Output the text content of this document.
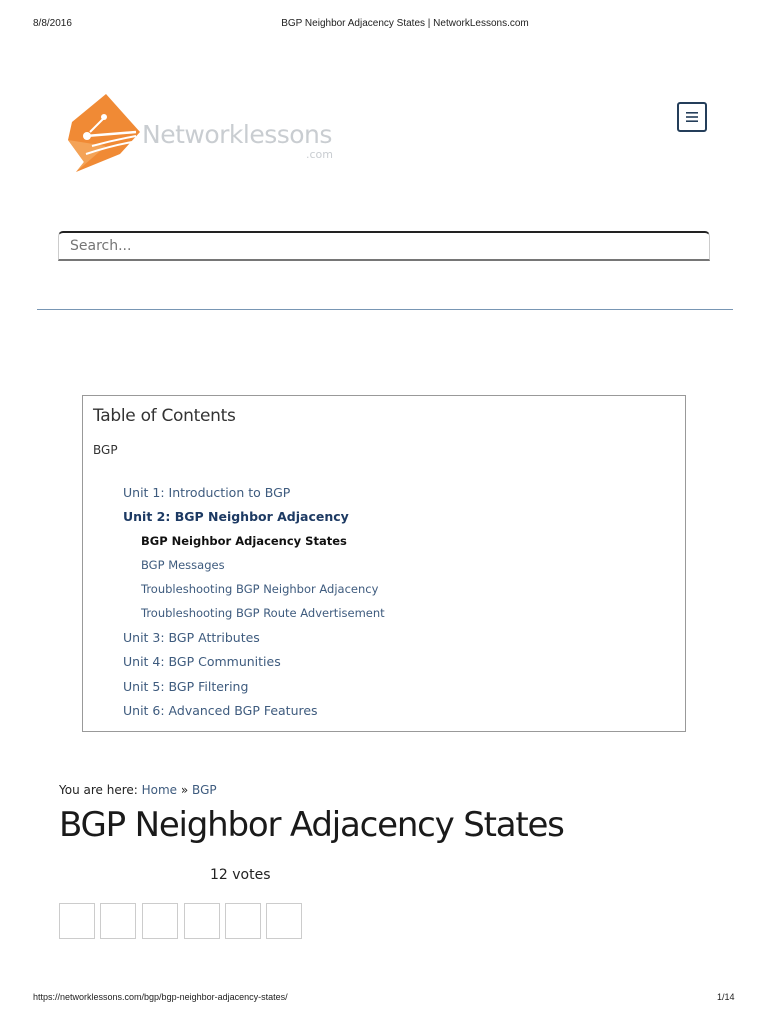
8/8/2016	BGP Neighbor Adjacency States | NetworkLessons.com
Networklessons
.com
Search...
Table of Contents
BGP
Unit 1: Introduction to BGP
Unit 2: BGP Neighbor Adjacency
BGP Neighbor Adjacency States
BGP Messages
Troubleshooting BGP Neighbor Adjacency
Troubleshooting BGP Route Advertisement
Unit 3: BGP Attributes
Unit 4: BGP Communities
Unit 5: BGP Filtering
Unit 6: Advanced BGP Features
You are here: Home » BGP
BGP Neighbor Adjacency States
12 votes
https://networklessons.com/bgp/bgp-neighbor-adjacency-states/	1/14
